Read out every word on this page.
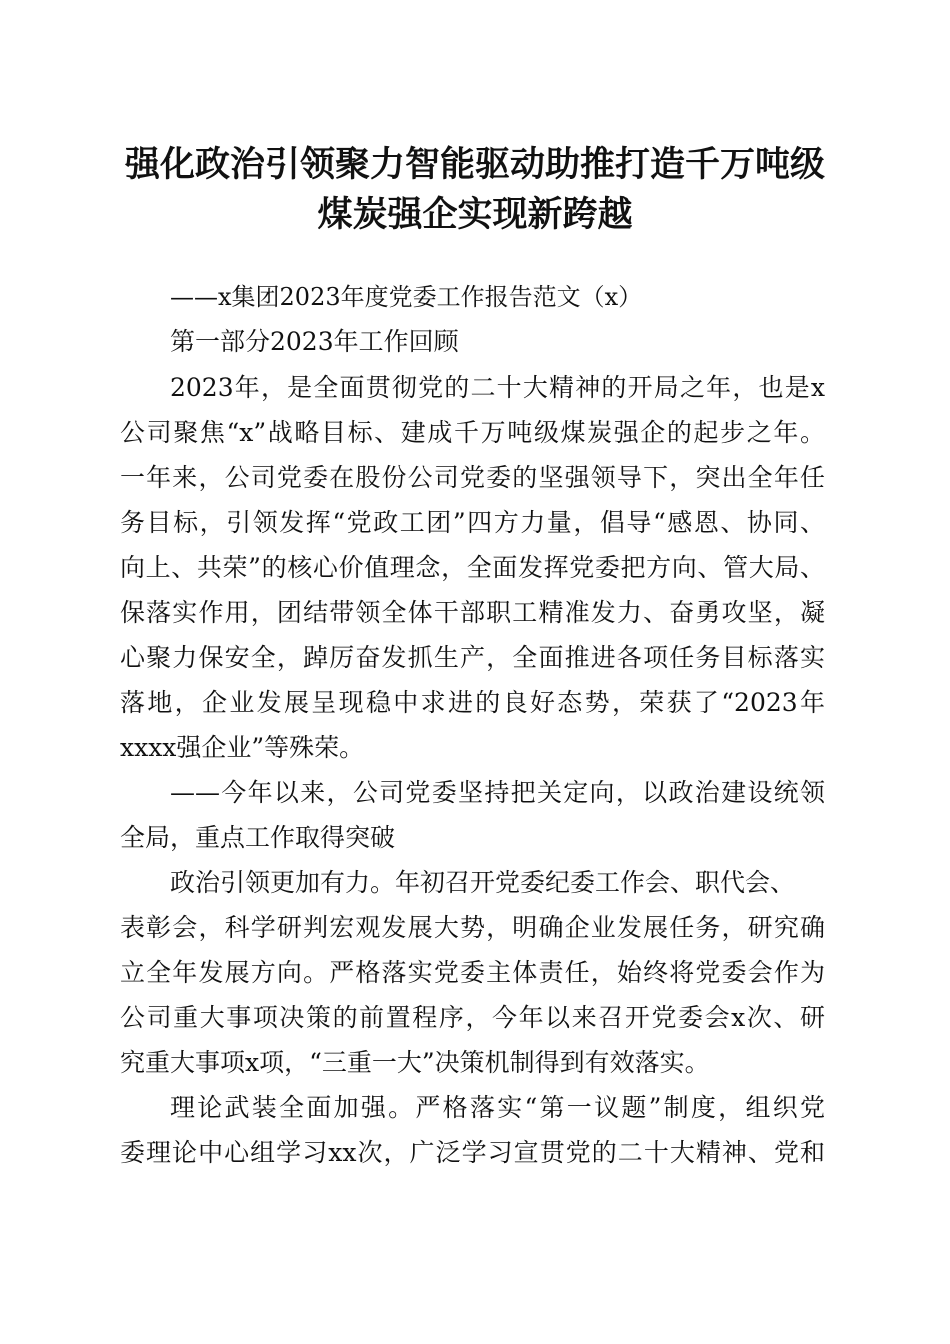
强化政治引领聚力智能驱动助推打造千万吨级
煤炭强企实现新跨越
——x集团2023年度党委工作报告范文（x）
第一部分2023年工作回顾
2023年，是全面贯彻党的二十大精神的开局之年，也是x
公司聚焦“x”战略目标、建成千万吨级煤炭强企的起步之年。
一年来，公司党委在股份公司党委的坚强领导下，突出全年任
务目标，引领发挥“党政工团”四方力量，倡导“感恩、协同、
向上、共荣”的核心价值理念，全面发挥党委把方向、管大局、
保落实作用，团结带领全体干部职工精准发力、奋勇攻坚，凝
心聚力保安全，踔厉奋发抓生产，全面推进各项任务目标落实
落地，企业发展呈现稳中求进的良好态势，荣获了“2023年
xxxx强企业”等殊荣。
——今年以来，公司党委坚持把关定向，以政治建设统领
全局，重点工作取得突破
政治引领更加有力。年初召开党委纪委工作会、职代会、
表彰会，科学研判宏观发展大势，明确企业发展任务，研究确
立全年发展方向。严格落实党委主体责任，始终将党委会作为
公司重大事项决策的前置程序，今年以来召开党委会x次、研
究重大事项x项，“三重一大”决策机制得到有效落实。
理论武装全面加强。严格落实“第一议题”制度，组织党
委理论中心组学习xx次，广泛学习宣贯党的二十大精神、党和
